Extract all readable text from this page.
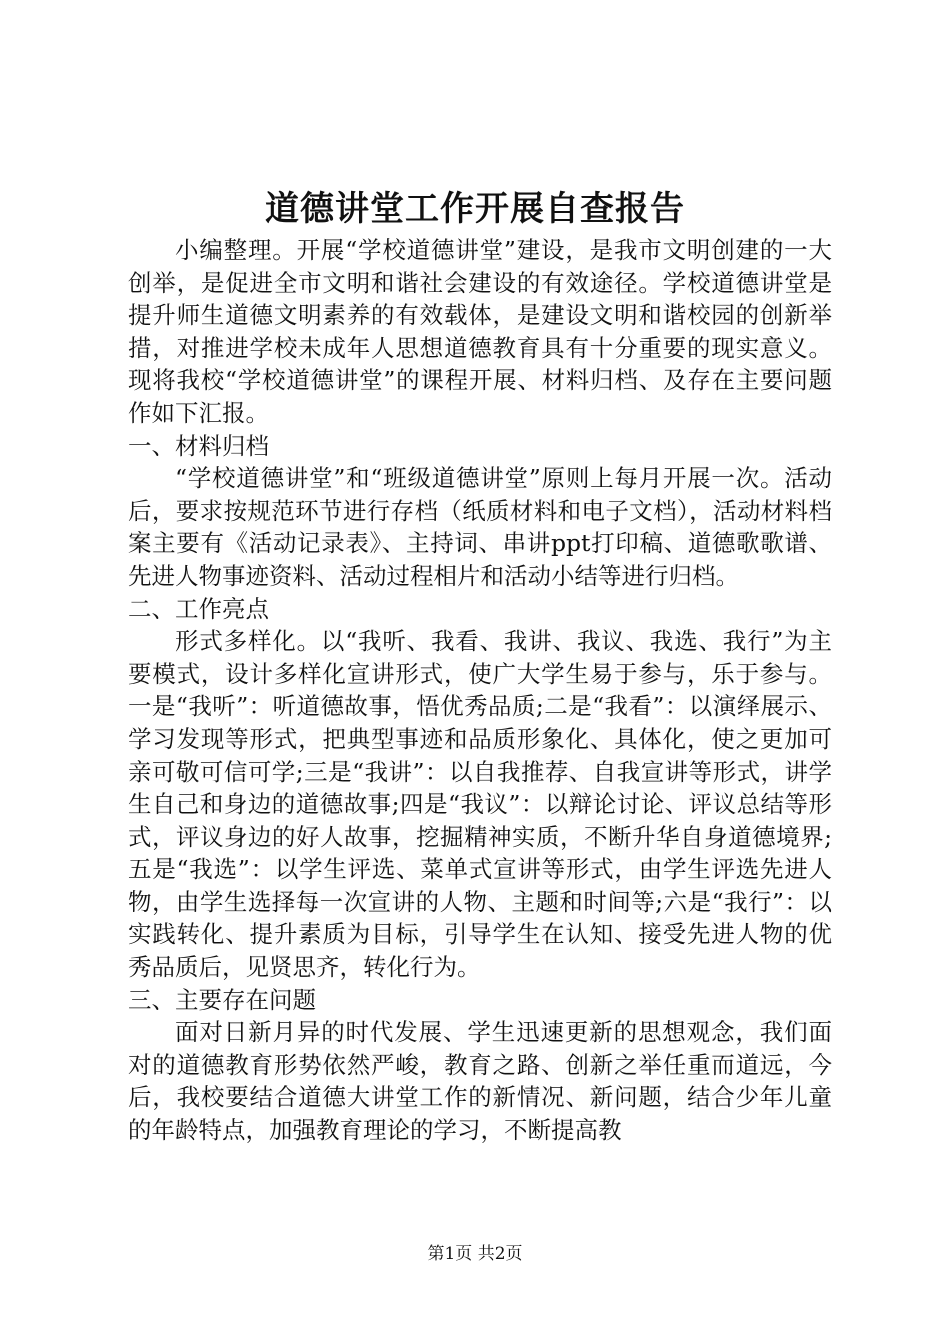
道德讲堂工作开展自查报告

小编整理。开展“学校道德讲堂”建设，是我市文明创建的一大创举，是促进全市文明和谐社会建设的有效途径。学校道德讲堂是提升师生道德文明素养的有效载体，是建设文明和谐校园的创新举措，对推进学校未成年人思想道德教育具有十分重要的现实意义。现将我校“学校道德讲堂”的课程开展、材料归档、及存在主要问题作如下汇报。

一、材料归档

“学校道德讲堂”和“班级道德讲堂”原则上每月开展一次。活动后，要求按规范环节进行存档（纸质材料和电子文档），活动材料档案主要有《活动记录表》、主持词、串讲ppt打印稿、道德歌歌谱、先进人物事迹资料、活动过程相片和活动小结等进行归档。

二、工作亮点

形式多样化。以“我听、我看、我讲、我议、我选、我行”为主要模式，设计多样化宣讲形式，使广大学生易于参与，乐于参与。一是“我听”：听道德故事，悟优秀品质;二是“我看”：以演绎展示、学习发现等形式，把典型事迹和品质形象化、具体化，使之更加可亲可敬可信可学;三是“我讲”：以自我推荐、自我宣讲等形式，讲学生自己和身边的道德故事;四是“我议”：以辩论讨论、评议总结等形式，评议身边的好人故事，挖掘精神实质，不断升华自身道德境界;五是“我选”：以学生评选、菜单式宣讲等形式，由学生评选先进人物，由学生选择每一次宣讲的人物、主题和时间等;六是“我行”：以实践转化、提升素质为目标，引导学生在认知、接受先进人物的优秀品质后，见贤思齐，转化行为。

三、主要存在问题

面对日新月异的时代发展、学生迅速更新的思想观念，我们面对的道德教育形势依然严峻，教育之路、创新之举任重而道远，今后，我校要结合道德大讲堂工作的新情况、新问题，结合少年儿童的年龄特点，加强教育理论的学习，不断提高教

第1页 共2页
